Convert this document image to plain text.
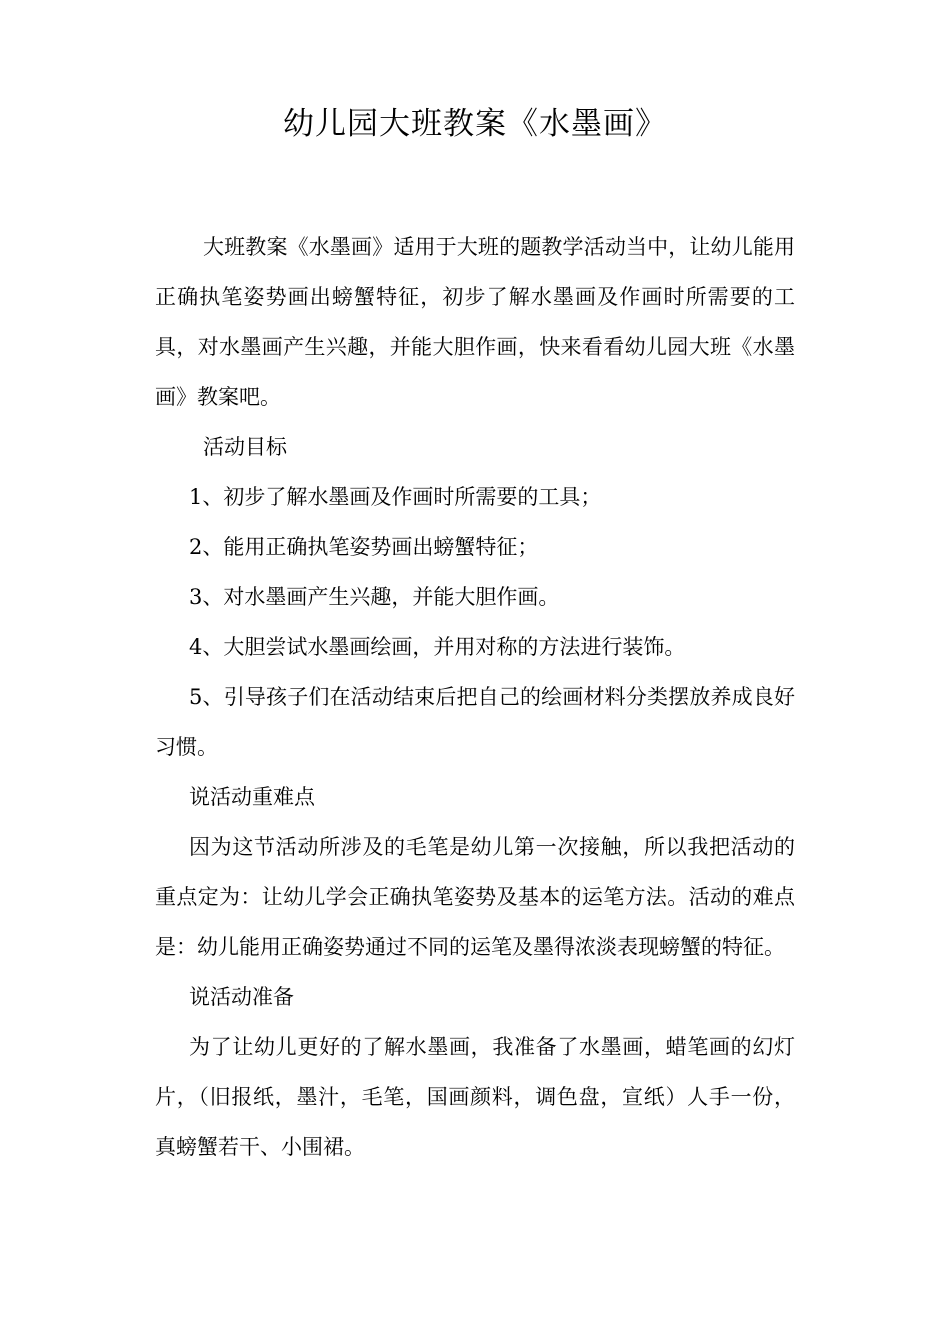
幼儿园大班教案《水墨画》

大班教案《水墨画》适用于大班的题教学活动当中，让幼儿能用正确执笔姿势画出螃蟹特征，初步了解水墨画及作画时所需要的工具，对水墨画产生兴趣，并能大胆作画，快来看看幼儿园大班《水墨画》教案吧。

活动目标

1、初步了解水墨画及作画时所需要的工具；

2、能用正确执笔姿势画出螃蟹特征；

3、对水墨画产生兴趣，并能大胆作画。

4、大胆尝试水墨画绘画，并用对称的方法进行装饰。

5、引导孩子们在活动结束后把自己的绘画材料分类摆放养成良好习惯。

说活动重难点

因为这节活动所涉及的毛笔是幼儿第一次接触，所以我把活动的重点定为：让幼儿学会正确执笔姿势及基本的运笔方法。活动的难点是：幼儿能用正确姿势通过不同的运笔及墨得浓淡表现螃蟹的特征。

说活动准备

为了让幼儿更好的了解水墨画，我准备了水墨画，蜡笔画的幻灯片，（旧报纸，墨汁，毛笔，国画颜料，调色盘，宣纸）人手一份，真螃蟹若干、小围裙。
